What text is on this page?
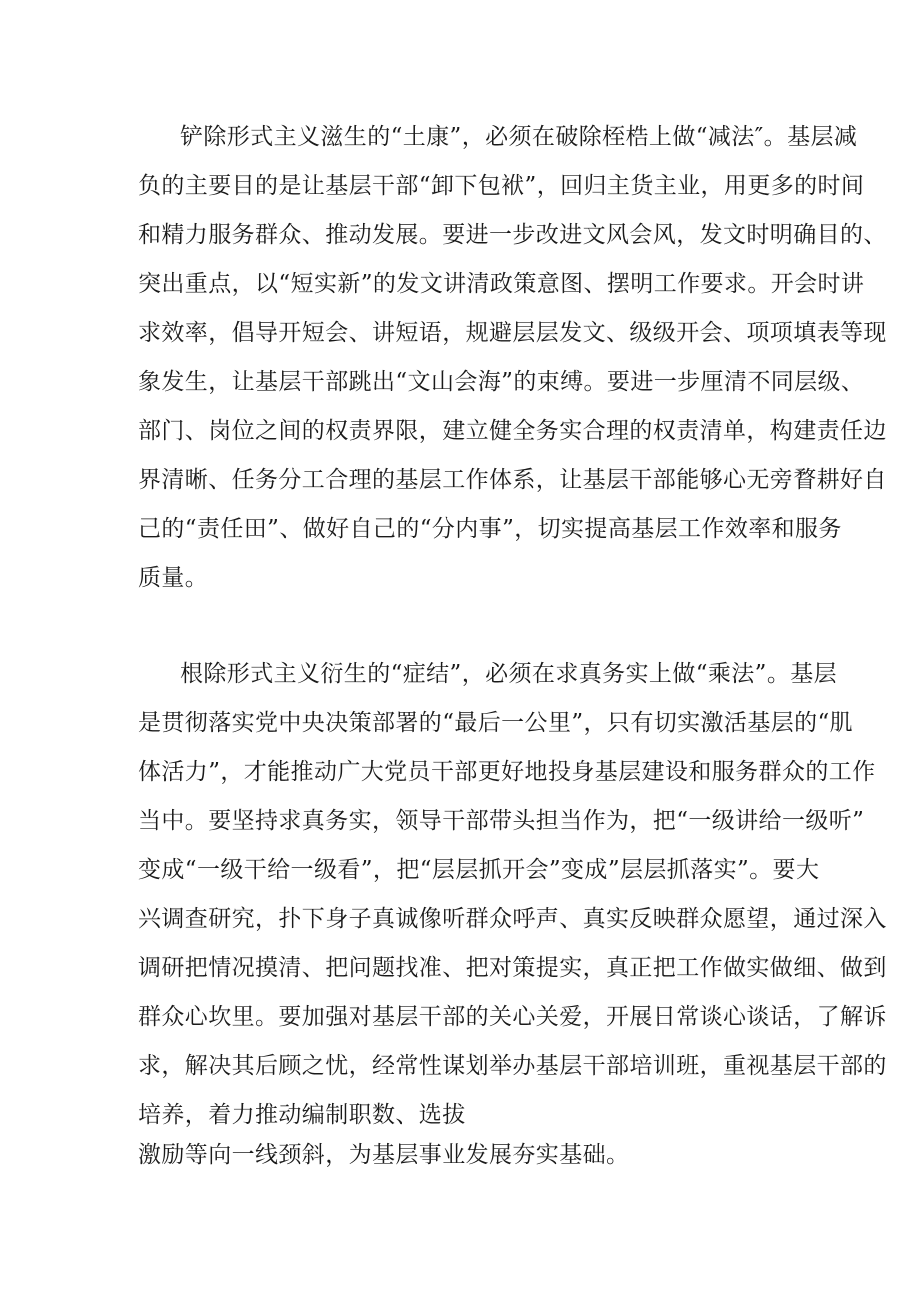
铲除形式主义滋生的“土康”，必须在破除桎梏上做“减法″。基层减
负的主要目的是让基层干部“卸下包袱”，回归主货主业，用更多的时间
和精力服务群众、推动发展。要进一步改进文风会风，发文时明确目的、
突出重点，以“短实新”的发文讲清政策意图、摆明工作要求。开会时讲
求效率，倡导开短会、讲短语，规避层层发文、级级开会、项项填表等现
象发生，让基层干部跳出“文山会海”的束缚。要进一步厘清不同层级、
部门、岗位之间的权责界限，建立健全务实合理的权责清单，构建责任边
界清晰、任务分工合理的基层工作体系，让基层干部能够心无旁瞀耕好自
己的“责任田”、做好自己的“分内事”，切实提高基层工作效率和服务
质量。
根除形式主义衍生的“症结”，必须在求真务实上做“乘法”。基层
是贯彻落实党中央决策部署的“最后一公里”，只有切实激活基层的“肌
体活力”，才能推动广大党员干部更好地投身基层建设和服务群众的工作
当中。要坚持求真务实，领导干部带头担当作为，把“一级讲给一级听”
变成“一级干给一级看”，把“层层抓开会”变成”层层抓落实”。要大
兴调查研究，扑下身子真诚像听群众呼声、真实反映群众愿望，通过深入
调研把情况摸清、把问题找准、把对策提实，真正把工作做实做细、做到
群众心坎里。要加强对基层干部的关心关爱，开展日常谈心谈话，了解诉
求，解决其后顾之忧，经常性谋划举办基层干部培训班，重视基层干部的
培养，着力推动编制职数、选拔
激励等向一线颈斜，为基层事业发展夯实基础。
